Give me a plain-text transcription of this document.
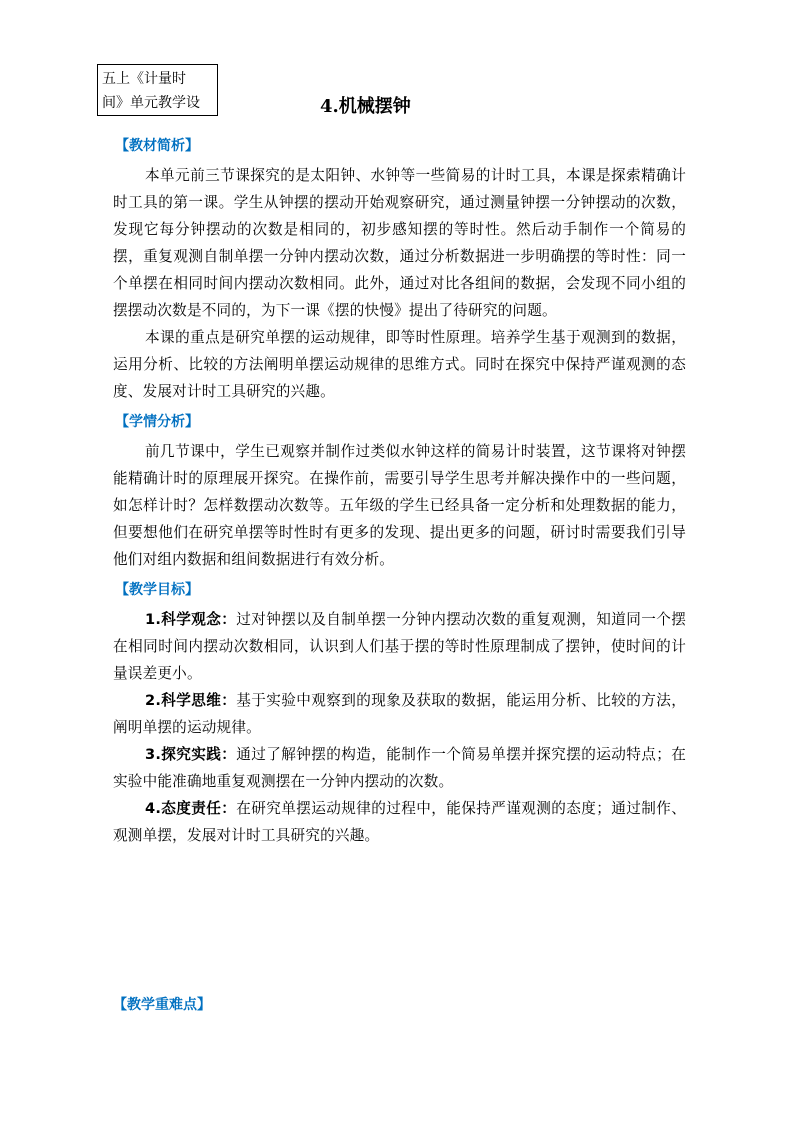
五上《计量时
间》单元教学设	4.机械摆钟
【教材简析】

本单元前三节课探究的是太阳钟、水钟等一些简易的计时工具，本课是探索精确计时工具的第一课。学生从钟摆的摆动开始观察研究，通过测量钟摆一分钟摆动的次数，发现它每分钟摆动的次数是相同的，初步感知摆的等时性。然后动手制作一个简易的摆，重复观测自制单摆一分钟内摆动次数，通过分析数据进一步明确摆的等时性：同一个单摆在相同时间内摆动次数相同。此外，通过对比各组间的数据，会发现不同小组的摆摆动次数是不同的，为下一课《摆的快慢》提出了待研究的问题。

本课的重点是研究单摆的运动规律，即等时性原理。培养学生基于观测到的数据，运用分析、比较的方法阐明单摆运动规律的思维方式。同时在探究中保持严谨观测的态度、发展对计时工具研究的兴趣。

【学情分析】

前几节课中，学生已观察并制作过类似水钟这样的简易计时装置，这节课将对钟摆能精确计时的原理展开探究。在操作前，需要引导学生思考并解决操作中的一些问题，如怎样计时？怎样数摆动次数等。五年级的学生已经具备一定分析和处理数据的能力，但要想他们在研究单摆等时性时有更多的发现、提出更多的问题，研讨时需要我们引导他们对组内数据和组间数据进行有效分析。

【教学目标】

1.科学观念：过对钟摆以及自制单摆一分钟内摆动次数的重复观测，知道同一个摆在相同时间内摆动次数相同，认识到人们基于摆的等时性原理制成了摆钟，使时间的计量误差更小。

2.科学思维：基于实验中观察到的现象及获取的数据，能运用分析、比较的方法，阐明单摆的运动规律。

3.探究实践：通过了解钟摆的构造，能制作一个简易单摆并探究摆的运动特点；在实验中能准确地重复观测摆在一分钟内摆动的次数。

4.态度责任：在研究单摆运动规律的过程中，能保持严谨观测的态度；通过制作、观测单摆，发展对计时工具研究的兴趣。

【教学重难点】
